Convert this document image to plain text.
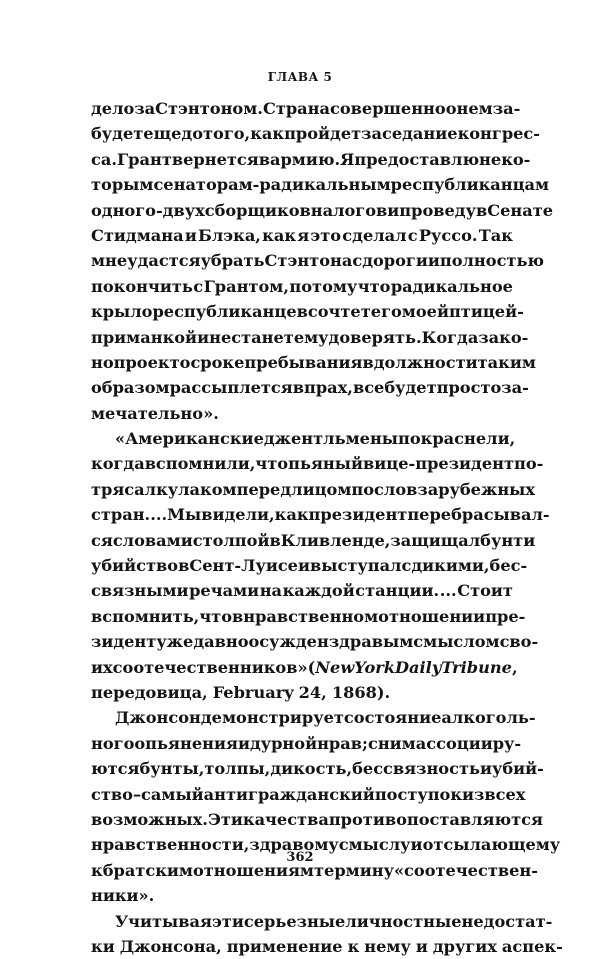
ГЛАВА 5
дело за Стэнтоном. Страна совершенно о нем за-
будет еще до того, как пройдет заседание конгрес-
са. Грант вернется в армию. Я предоставлю неко-
торым сенаторам-радикальным республиканцам
одного-двух сборщиков налогов и проведу в Сенате
Стидмана и Блэка, как я это сделал с Руссо. Так
мне удастся убрать Стэнтона с дороги и полностью
покончить с Грантом, потому что радикальное
крыло республиканцев сочтет его моей птицей-
приманкой и не станет ему доверять. Когда зако-
нопроект о сроке пребывания в должности таким
образом рассыплется в прах, все будет просто за-
мечательно».
«Американские джентльмены покраснели,
когда вспомнили, что пьяный вице-президент по-
трясал кулаком перед лицом послов зарубежных
стран. ... Мы видели, как президент перебрасывал-
ся словами с толпой в Кливленде, защищал бунт и
убийство в Сент-Луисе и выступал с дикими, бес-
связными речами на каждой станции. ... Стоит
вспомнить, что в нравственном отношении пре-
зидент уже давно осужден здравым смыслом сво-
их соотечественников» (New York Daily Tribune,
передовица, February 24, 1868).
Джонсон демонстрирует состояние алкоголь-
ного опьянения и дурной нрав; с ним ассоцииру-
ются бунты, толпы, дикость, бессвязность и убий-
ство – самый антигражданский поступок из всех
возможных. Эти качества противопоставляются
нравственности, здравому смыслу и отсылающему
к братским отношениям термину «соотечествен-
ники».
Учитывая эти серьезные личностные недостат-
ки Джонсона, применение к нему и других аспек-
362
